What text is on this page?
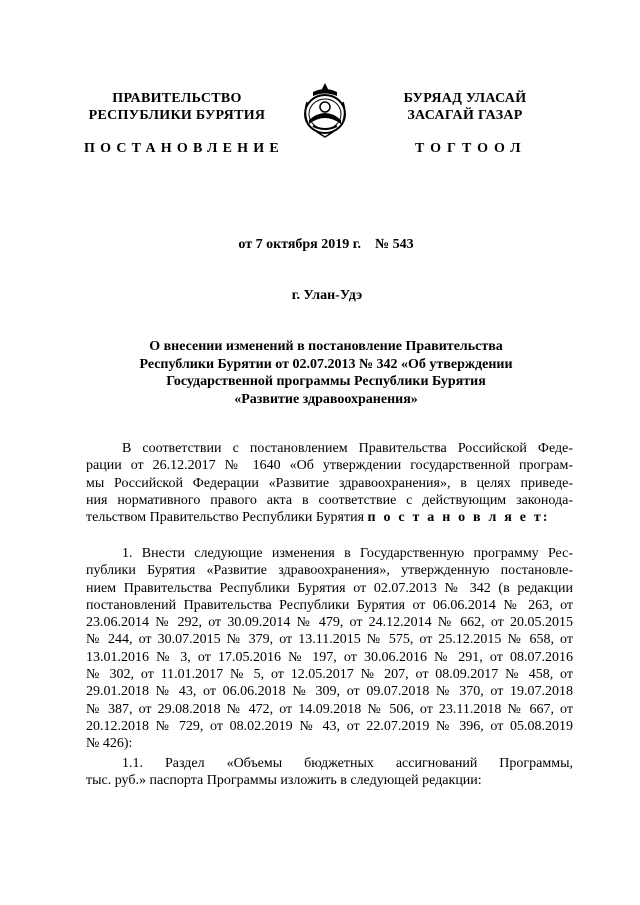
ПРАВИТЕЛЬСТВО
РЕСПУБЛИКИ БУРЯТИЯ
БУРЯАД УЛАСАЙ
ЗАСАГАЙ ГАЗАР
ПОСТАНОВЛЕНИЕ	ТОГТООЛ
от 7 октября 2019 г. № 543
г. Улан-Удэ
О внесении изменений в постановление Правительства
Республики Бурятии от 02.07.2013 № 342 «Об утверждении
Государственной программы Республики Бурятия
«Развитие здравоохранения»
В соответствии с постановлением Правительства Российской Феде-
рации от 26.12.2017 № 1640 «Об утверждении государственной програм-
мы Российской Федерации «Развитие здравоохранения», в целях приведе-
ния нормативного правого акта в соответствие с действующим законода-
тельством Правительство Республики Бурятия п о с т а н о в л я е т:
1. Внести следующие изменения в Государственную программу Рес-
публики Бурятия «Развитие здравоохранения», утвержденную постановле-
нием Правительства Республики Бурятия от 02.07.2013 № 342 (в редакции
постановлений Правительства Республики Бурятия от 06.06.2014 № 263, от
23.06.2014 № 292, от 30.09.2014 № 479, от 24.12.2014 № 662, от 20.05.2015
№ 244, от 30.07.2015 № 379, от 13.11.2015 № 575, от 25.12.2015 № 658, от
13.01.2016 № 3, от 17.05.2016 № 197, от 30.06.2016 № 291, от 08.07.2016
№ 302, от 11.01.2017 № 5, от 12.05.2017 № 207, от 08.09.2017 № 458, от
29.01.2018 № 43, от 06.06.2018 № 309, от 09.07.2018 № 370, от 19.07.2018
№ 387, от 29.08.2018 № 472, от 14.09.2018 № 506, от 23.11.2018 № 667, от
20.12.2018 № 729, от 08.02.2019 № 43, от 22.07.2019 № 396, от 05.08.2019
№ 426):
1.1. Раздел «Объемы бюджетных ассигнований Программы,
тыс. руб.» паспорта Программы изложить в следующей редакции:
